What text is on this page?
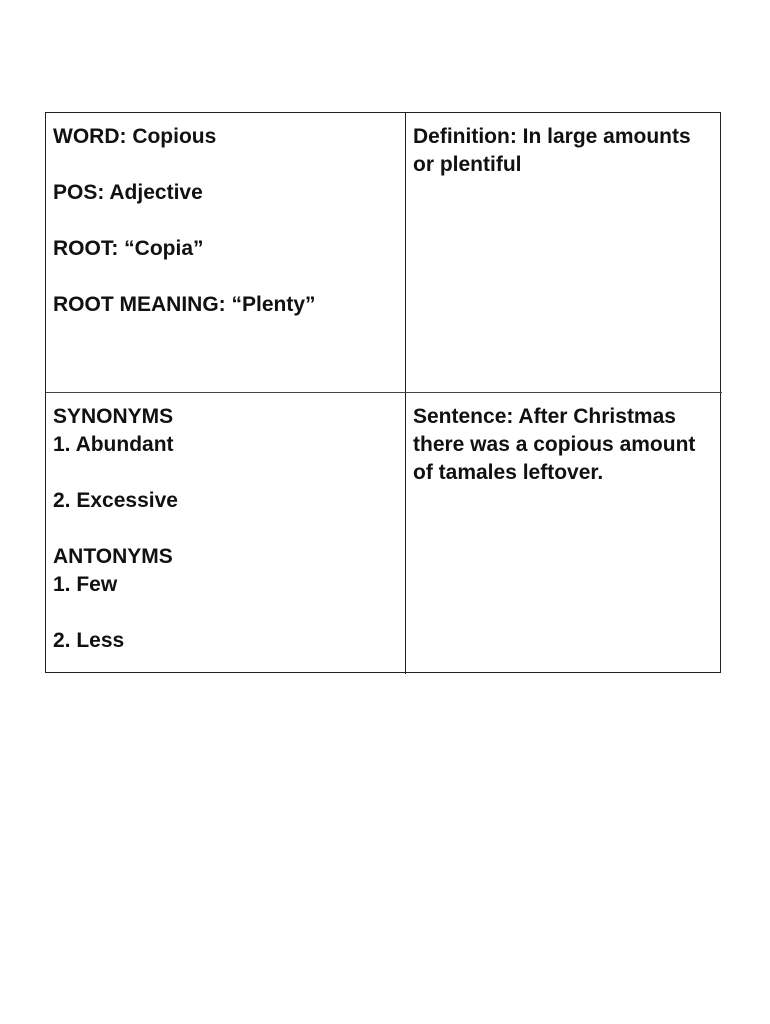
WORD: Copious
POS: Adjective
ROOT: “Copia”
ROOT MEANING: “Plenty”
Definition: In large amounts or plentiful
SYNONYMS
1. Abundant
2. Excessive
ANTONYMS
1. Few
2. Less
Sentence: After Christmas there was a copious amount of tamales leftover.
